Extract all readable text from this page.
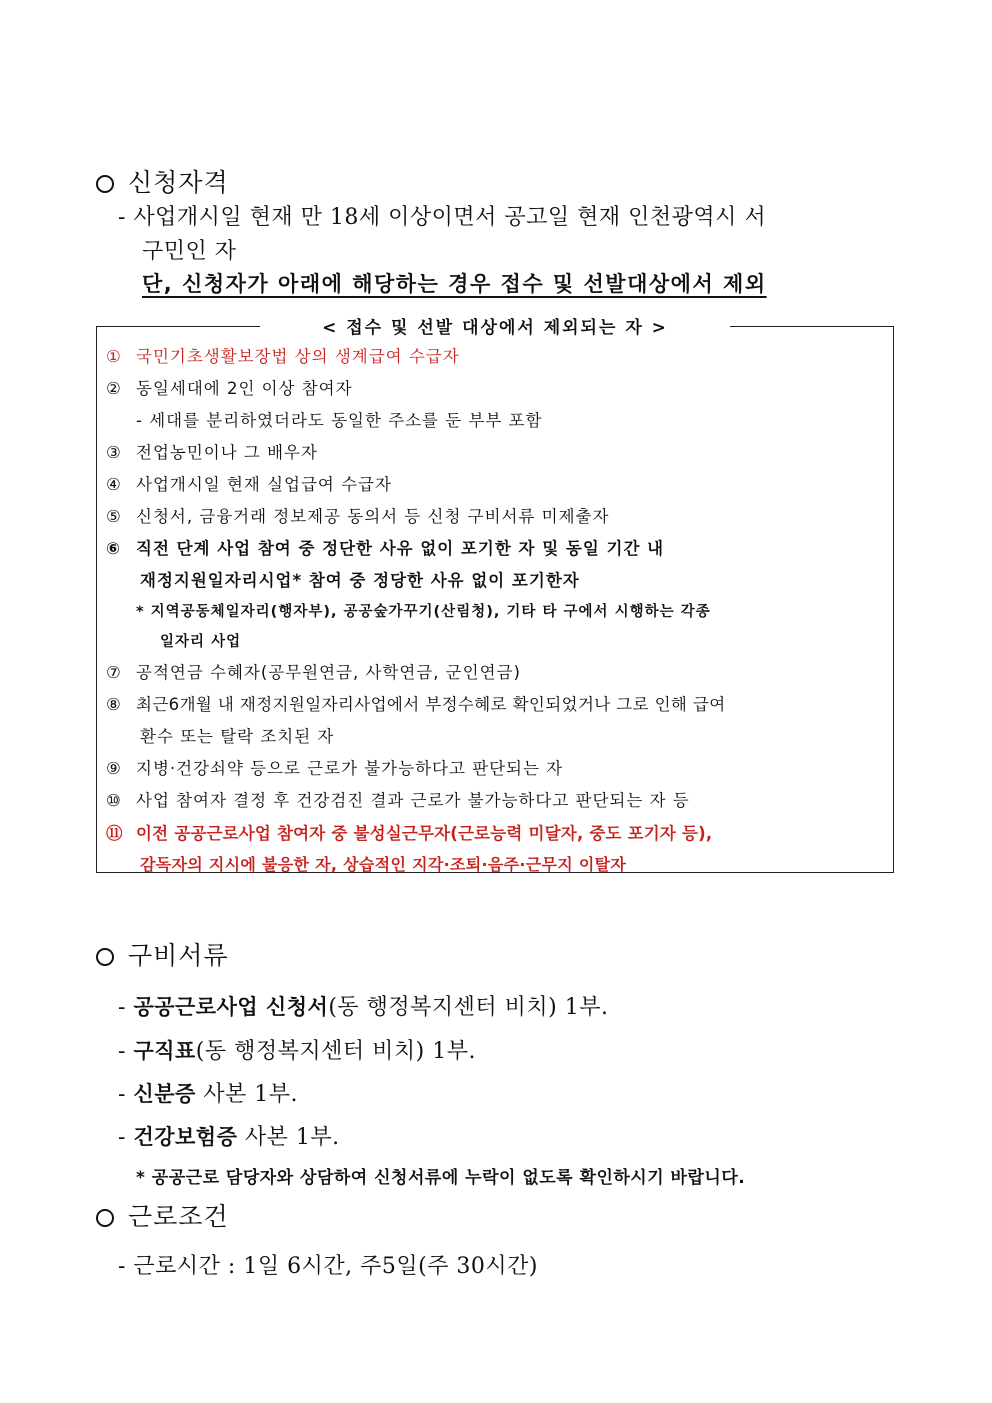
신청자격
- 사업개시일 현재 만 18세 이상이면서 공고일 현재 인천광역시 서
구민인 자
단, 신청자가 아래에 해당하는 경우 접수 및 선발대상에서 제외
< 접수 및 선발 대상에서 제외되는 자 >
① 국민기초생활보장법 상의 생계급여 수급자
② 동일세대에 2인 이상 참여자
- 세대를 분리하였더라도 동일한 주소를 둔 부부 포함
③ 전업농민이나 그 배우자
④ 사업개시일 현재 실업급여 수급자
⑤ 신청서, 금융거래 정보제공 동의서 등 신청 구비서류 미제출자
⑥ 직전 단계 사업 참여 중 정단한 사유 없이 포기한 자 및 동일 기간 내
재정지원일자리시업* 참여 중 정당한 사유 없이 포기한자
* 지역공동체일자리(행자부), 공공숲가꾸기(산림청), 기타 타 구에서 시행하는 각종
일자리 사업
⑦ 공적연금 수혜자(공무원연금, 사학연금, 군인연금)
⑧ 최근6개월 내 재정지원일자리사업에서 부정수혜로 확인되었거나 그로 인해 급여
환수 또는 탈락 조치된 자
⑨ 지병·건강쇠약 등으로 근로가 불가능하다고 판단되는 자
⑩ 사업 참여자 결정 후 건강검진 결과 근로가 불가능하다고 판단되는 자 등
⑪ 이전 공공근로사업 참여자 중 불성실근무자(근로능력 미달자, 중도 포기자 등),
감독자의 지시에 불응한 자, 상습적인 지각·조퇴·음주·근무지 이탈자
구비서류
- 공공근로사업 신청서(동 행정복지센터 비치) 1부.
- 구직표(동 행정복지센터 비치) 1부.
- 신분증 사본 1부.
- 건강보험증 사본 1부.
* 공공근로 담당자와 상담하여 신청서류에 누락이 없도록 확인하시기 바랍니다.
근로조건
- 근로시간 : 1일 6시간, 주5일(주 30시간)
